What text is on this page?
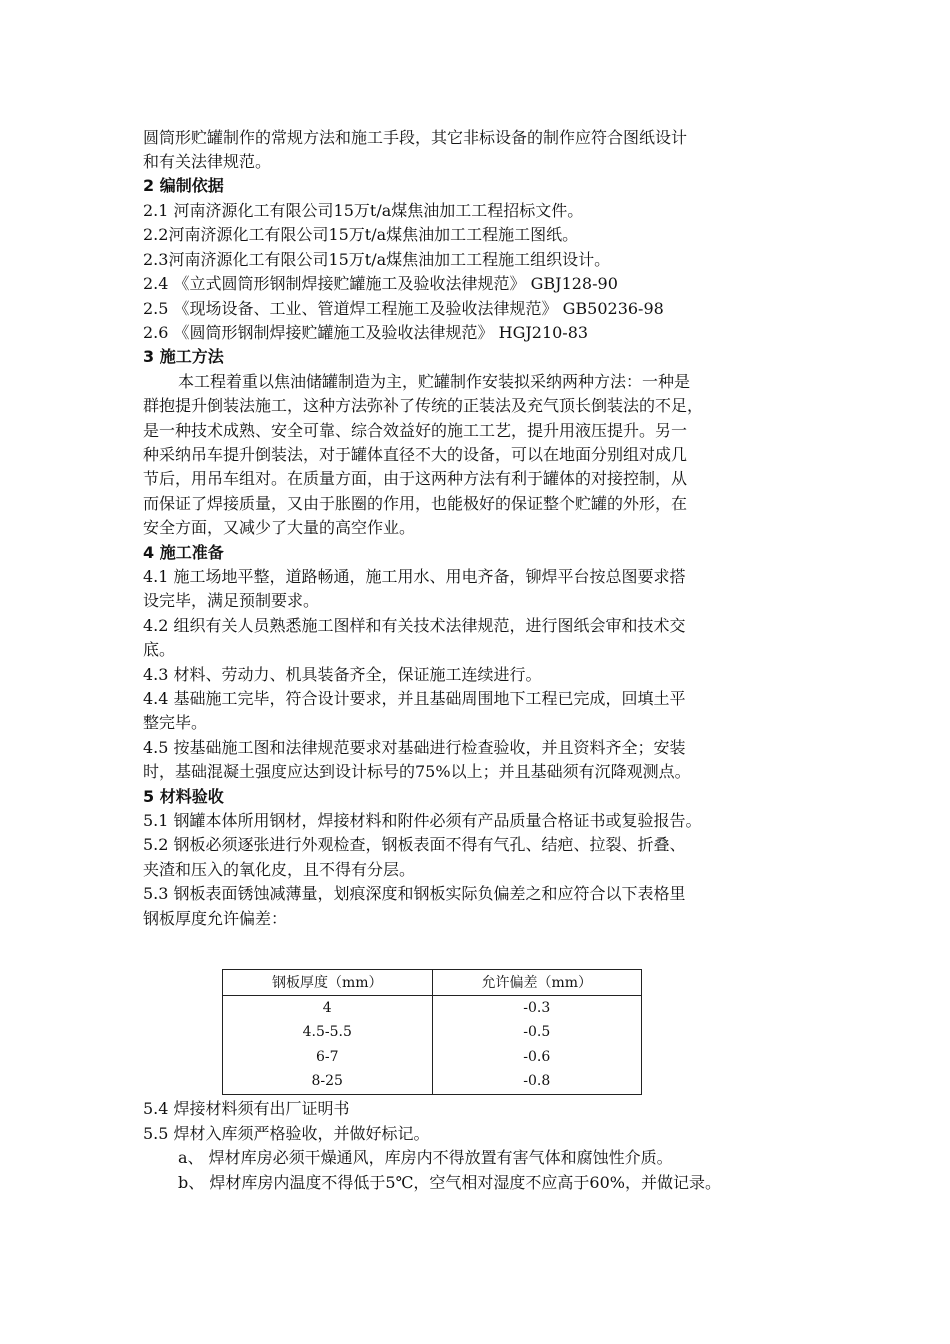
圆筒形贮罐制作的常规方法和施工手段，其它非标设备的制作应符合图纸设计
和有关法律规范。
2 编制依据
2.1 河南济源化工有限公司15万t/a煤焦油加工工程招标文件。
2.2河南济源化工有限公司15万t/a煤焦油加工工程施工图纸。
2.3河南济源化工有限公司15万t/a煤焦油加工工程施工组织设计。
2.4 《立式圆筒形钢制焊接贮罐施工及验收法律规范》 GBJ128-90
2.5 《现场设备、工业、管道焊工程施工及验收法律规范》 GB50236-98
2.6 《圆筒形钢制焊接贮罐施工及验收法律规范》 HGJ210-83
3 施工方法
本工程着重以焦油储罐制造为主，贮罐制作安装拟采纳两种方法：一种是
群抱提升倒装法施工，这种方法弥补了传统的正装法及充气顶长倒装法的不足，
是一种技术成熟、安全可靠、综合效益好的施工工艺，提升用液压提升。另一
种采纳吊车提升倒装法，对于罐体直径不大的设备，可以在地面分别组对成几
节后，用吊车组对。在质量方面，由于这两种方法有利于罐体的对接控制，从
而保证了焊接质量，又由于胀圈的作用，也能极好的保证整个贮罐的外形，在
安全方面，又减少了大量的高空作业。
4 施工准备
4.1 施工场地平整，道路畅通，施工用水、用电齐备，铆焊平台按总图要求搭
设完毕，满足预制要求。
4.2 组织有关人员熟悉施工图样和有关技术法律规范，进行图纸会审和技术交
底。
4.3 材料、劳动力、机具装备齐全，保证施工连续进行。
4.4 基础施工完毕，符合设计要求，并且基础周围地下工程已完成，回填土平
整完毕。
4.5 按基础施工图和法律规范要求对基础进行检查验收，并且资料齐全；安装
时，基础混凝土强度应达到设计标号的75%以上；并且基础须有沉降观测点。
5 材料验收
5.1 钢罐本体所用钢材，焊接材料和附件必须有产品质量合格证书或复验报告。
5.2 钢板必须逐张进行外观检查，钢板表面不得有气孔、结疤、拉裂、折叠、
夹渣和压入的氧化皮，且不得有分层。
5.3 钢板表面锈蚀减薄量，划痕深度和钢板实际负偏差之和应符合以下表格里
钢板厚度允许偏差：
钢板厚度（mm）	允许偏差（mm）
4	-0.3
4.5-5.5	-0.5
6-7	-0.6
8-25	-0.8
5.4 焊接材料须有出厂证明书
5.5 焊材入库须严格验收，并做好标记。
a、 焊材库房必须干燥通风，库房内不得放置有害气体和腐蚀性介质。
b、 焊材库房内温度不得低于5℃，空气相对湿度不应高于60%，并做记录。
